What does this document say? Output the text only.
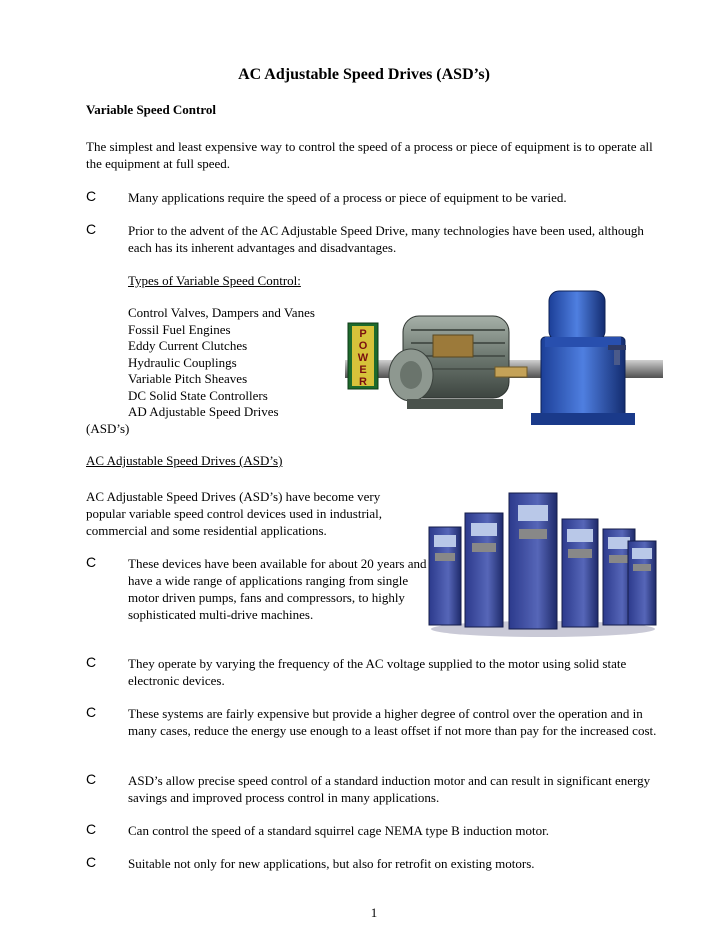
AC Adjustable Speed Drives (ASD’s)
Variable Speed Control
The simplest and least expensive way to control the speed of a process or piece of equipment is to operate all the equipment at full speed.
C Many applications require the speed of a process or piece of equipment to be varied.
C Prior to the advent of the AC Adjustable Speed Drive, many technologies have been used, although each has its inherent advantages and disadvantages.
Types of Variable Speed Control:
Control Valves, Dampers and Vanes
Fossil Fuel Engines
Eddy Current Clutches
Hydraulic Couplings
Variable Pitch Sheaves
DC Solid State Controllers
AD Adjustable Speed Drives
(ASD’s)
P
O
W
E
R
AC Adjustable Speed Drives (ASD’s)
AC Adjustable Speed Drives (ASD’s) have become very popular variable speed control devices used in industrial, commercial and some residential applications.
C These devices have been available for about 20 years and have a wide range of applications ranging from single motor driven pumps, fans and compressors, to highly sophisticated multi-drive machines.
C They operate by varying the frequency of the AC voltage supplied to the motor using solid state electronic devices.
C These systems are fairly expensive but provide a higher degree of control over the operation and in many cases, reduce the energy use enough to a least offset if not more than pay for the increased cost.
C ASD’s allow precise speed control of a standard induction motor and can result in significant energy savings and improved process control in many applications.
C Can control the speed of a standard squirrel cage NEMA type B induction motor.
C Suitable not only for new applications, but also for retrofit on existing motors.
1
